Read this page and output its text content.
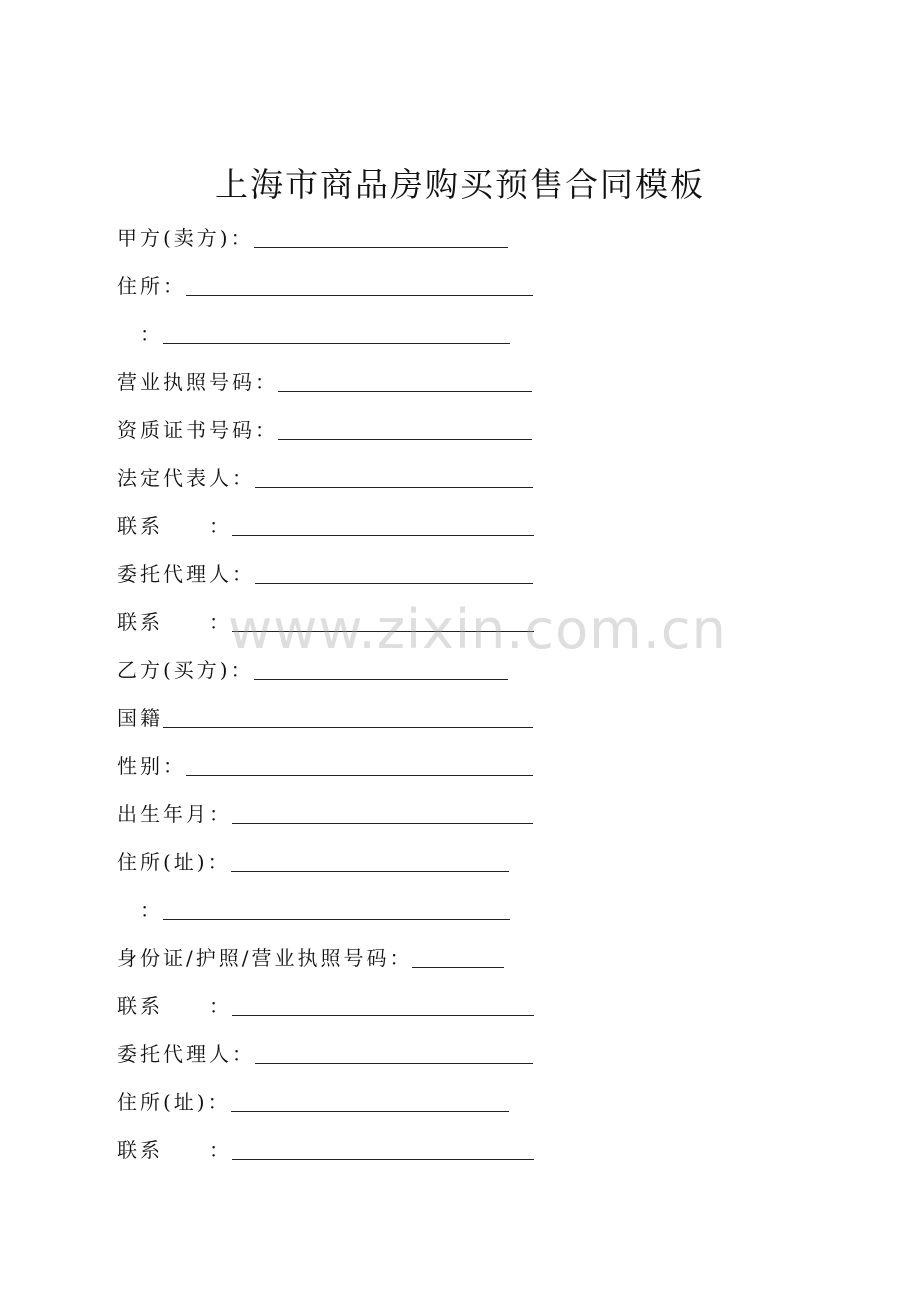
上海市商品房购买预售合同模板
甲方(卖方)：
住所：
　：
营业执照号码：
资质证书号码：
法定代表人：
联系　　：
委托代理人：
联系　　：
乙方(买方)：
国籍
性别：
出生年月：
住所(址)：
　：
身份证/护照/营业执照号码：
联系　　：
委托代理人：
住所(址)：
联系　　：
www.zixin.com.cn
